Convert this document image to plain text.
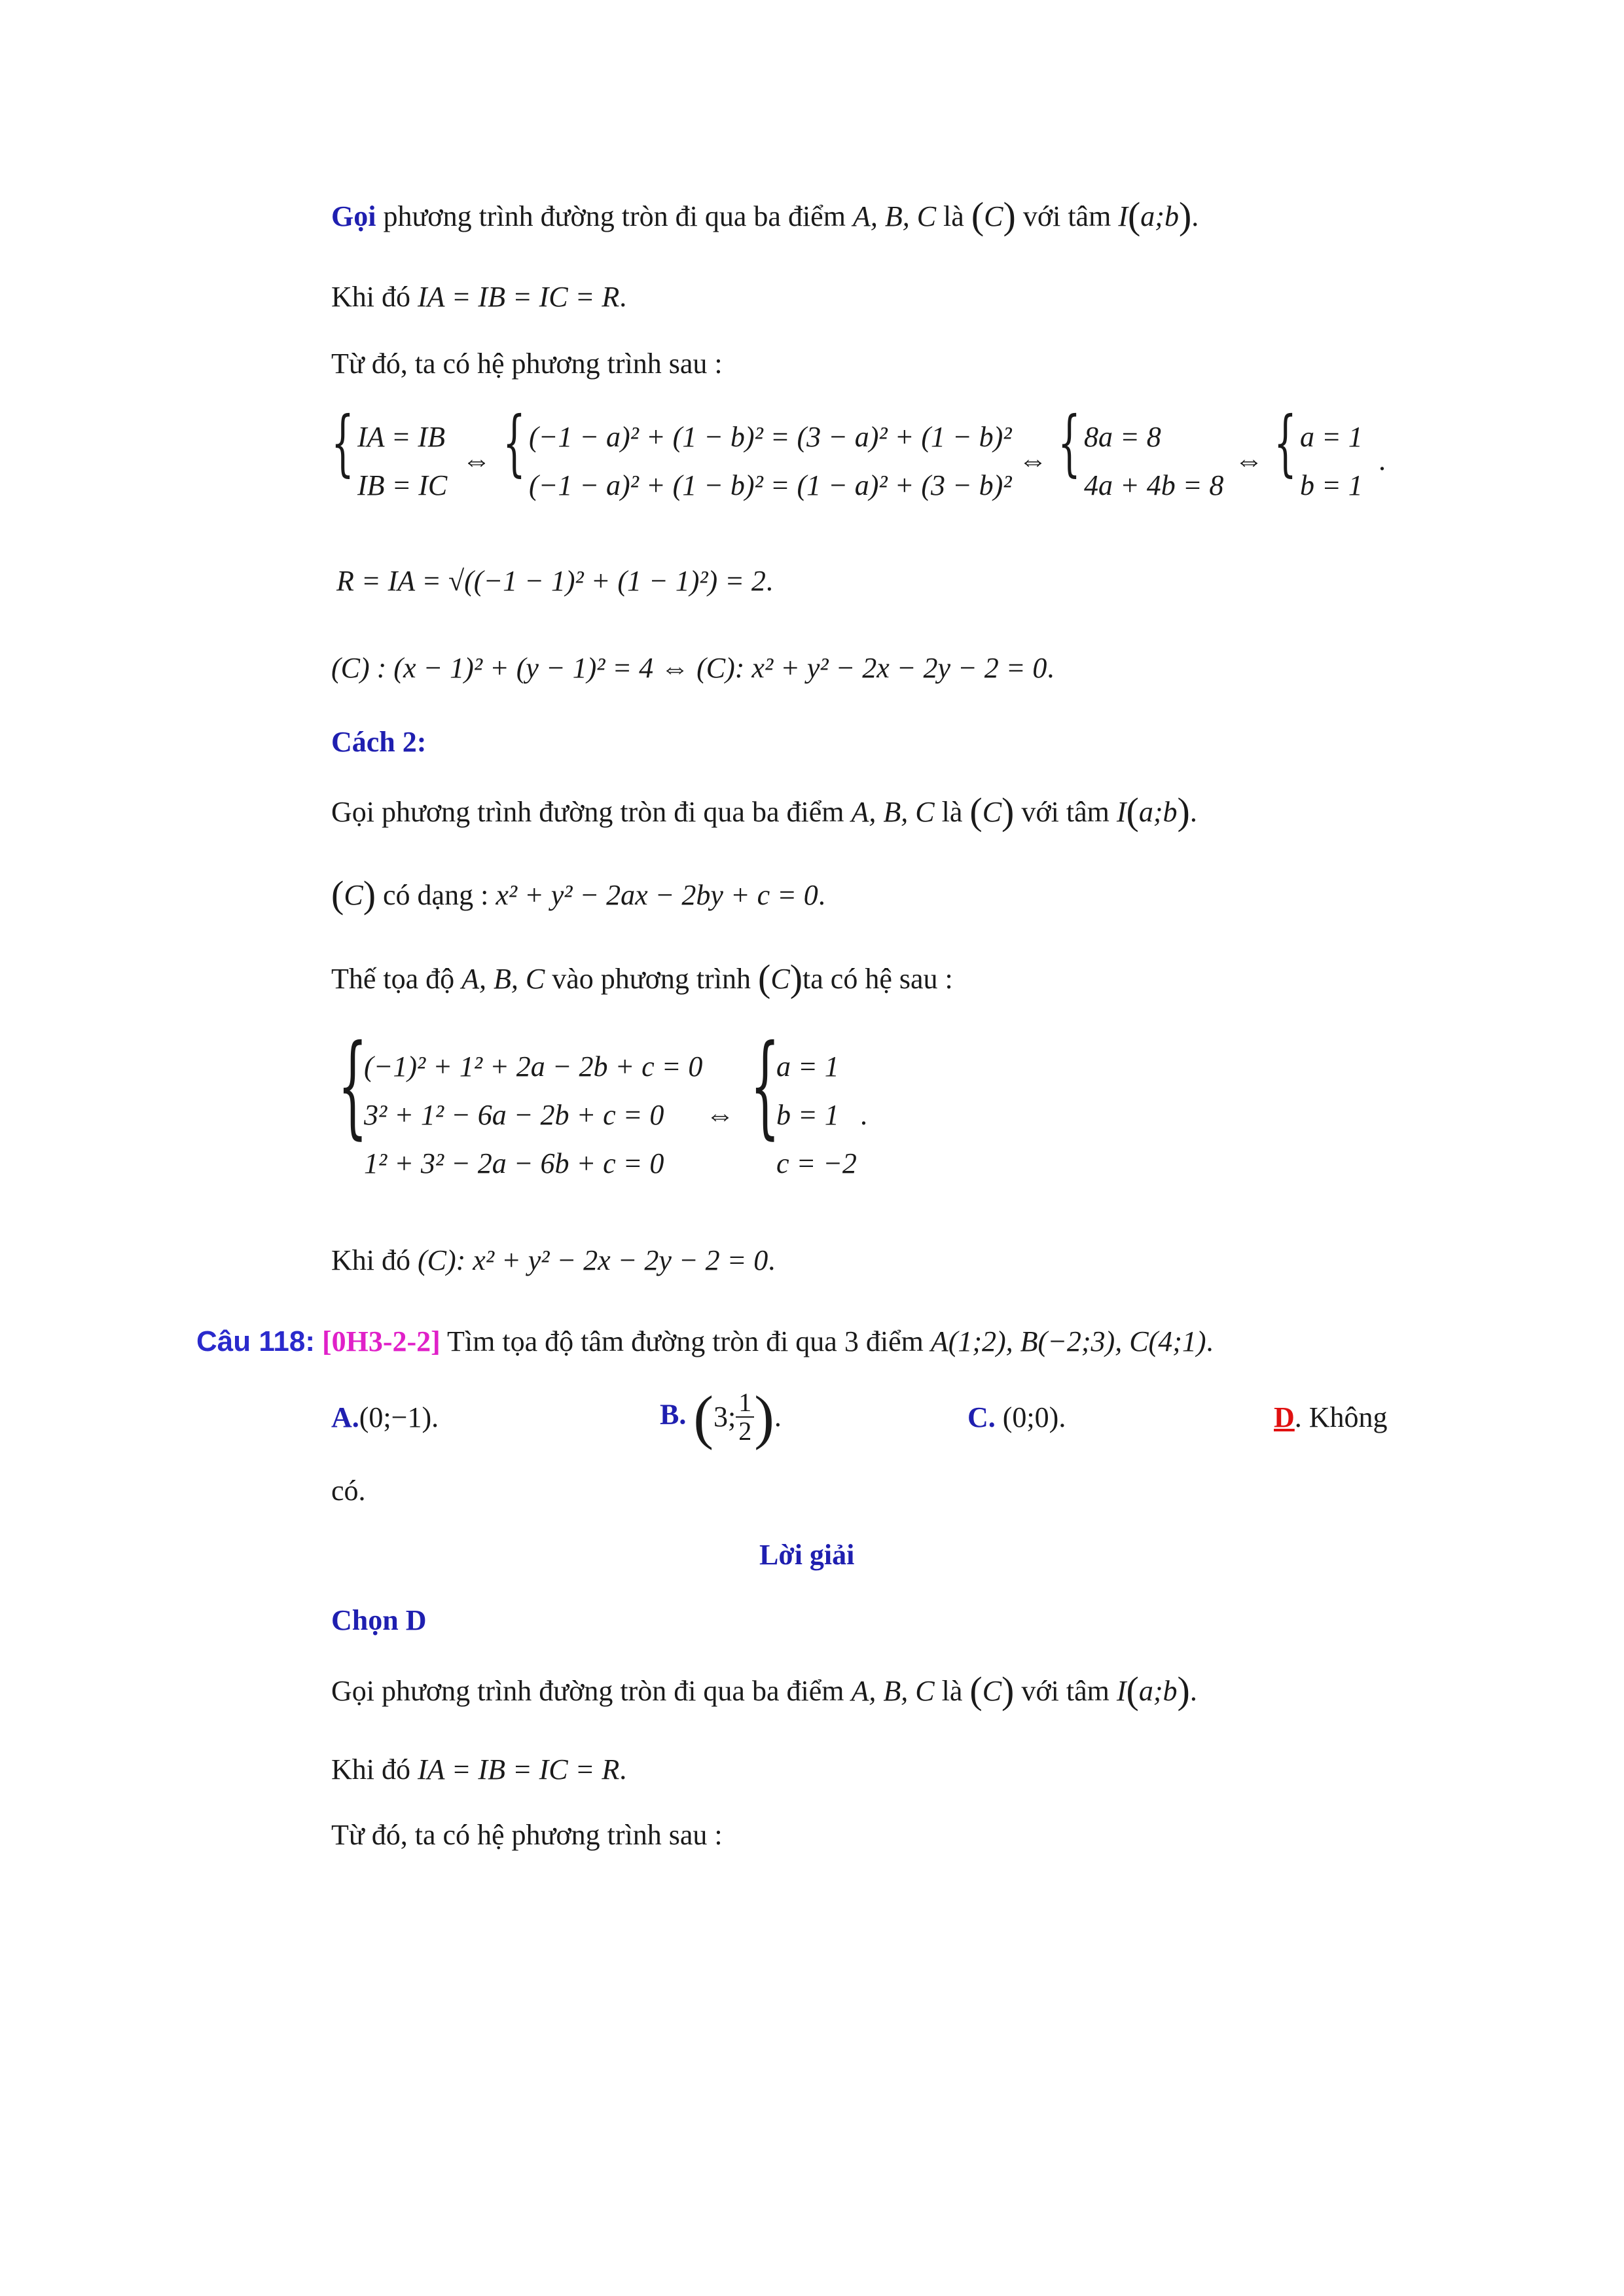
Gọi phương trình đường tròn đi qua ba điểm A, B, C là (C) với tâm I(a;b).
Khi đó IA = IB = IC = R.
Từ đó, ta có hệ phương trình sau :
{ IA = IB
IB = IC
⇔ { (−1 − a)² + (1 − b)² = (3 − a)² + (1 − b)²
(−1 − a)² + (1 − b)² = (1 − a)² + (3 − b)²
⇔ { 8a = 8
4a + 4b = 8
⇔ { a = 1
b = 1
.
R = IA = √((−1 − 1)² + (1 − 1)²) = 2.
(C) : (x − 1)² + (y − 1)² = 4 ⇔ (C): x² + y² − 2x − 2y − 2 = 0.
Cách 2:
Gọi phương trình đường tròn đi qua ba điểm A, B, C là (C) với tâm I(a;b).
(C) có dạng : x² + y² − 2ax − 2by + c = 0.
Thế tọa độ A, B, C vào phương trình (C)ta có hệ sau :
{
(−1)² + 1² + 2a − 2b + c = 0
3² + 1² − 6a − 2b + c = 0
1² + 3² − 2a − 6b + c = 0
⇔ {
a = 1
b = 1
c = −2
.
Khi đó (C): x² + y² − 2x − 2y − 2 = 0.
Câu 118: [0H3-2-2] Tìm tọa độ tâm đường tròn đi qua 3 điểm A(1;2), B(−2;3), C(4;1).
A.(0;−1).	B. (3; $\frac{1}{2}$ ).	C. (0;0).	D. Không
có.
Lời giải
Chọn D
Gọi phương trình đường tròn đi qua ba điểm A, B, C là (C) với tâm I(a;b).
Khi đó IA = IB = IC = R.
Từ đó, ta có hệ phương trình sau :
